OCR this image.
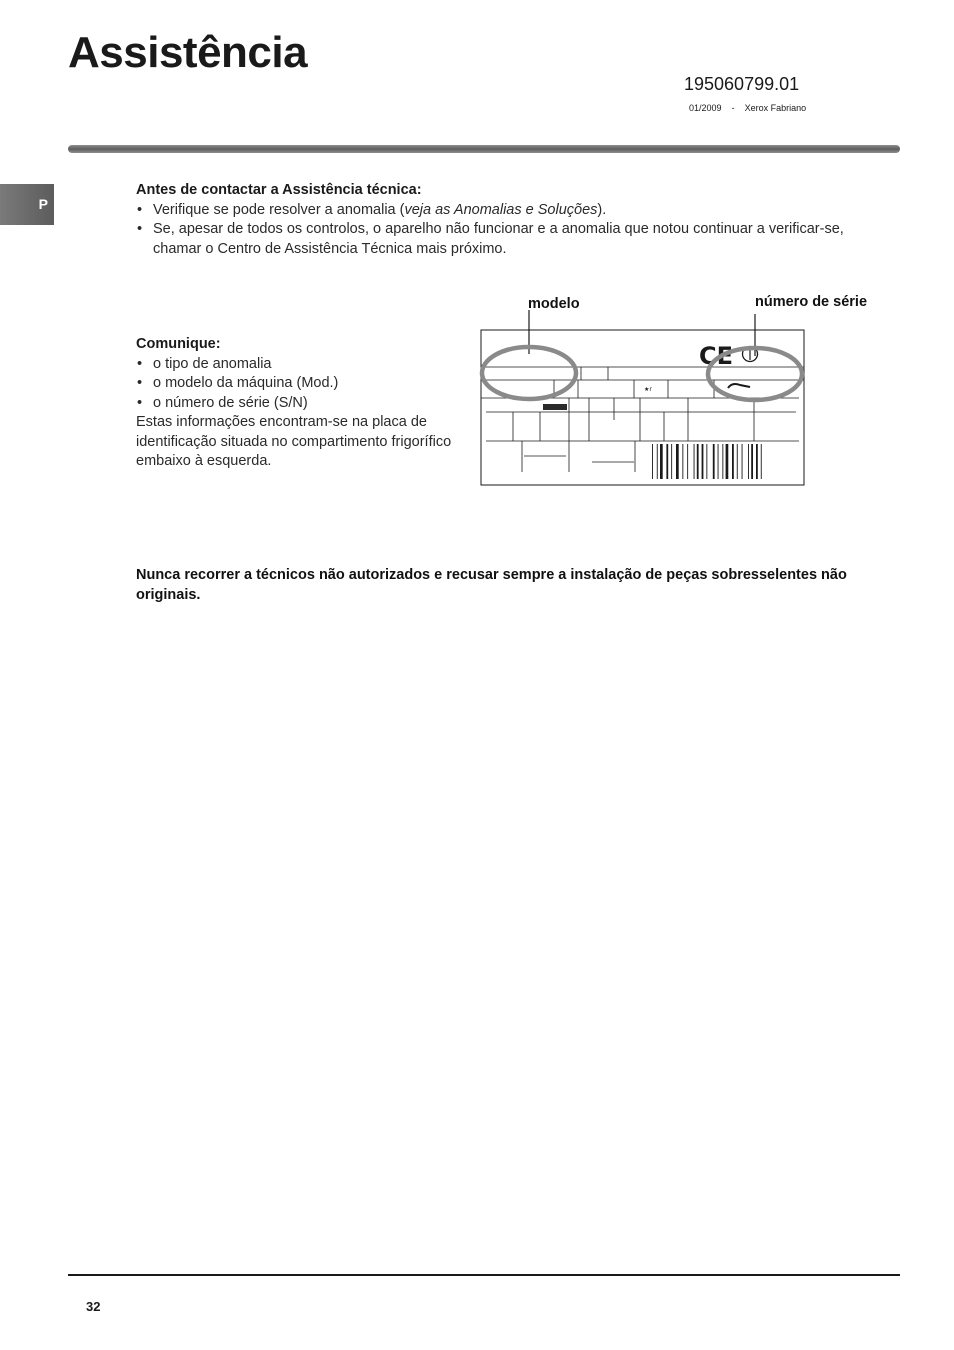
Assistência
195060799.01
01/2009 - Xerox Fabriano
P
Antes de contactar a Assistência técnica:
• Verifique se pode resolver a anomalia (veja as Anomalias e Soluções).
• Se, apesar de todos os controlos, o aparelho não funcionar e a anomalia que notou continuar a verificar-se, chamar o Centro de Assistência Técnica mais próximo.
Comunique:
• o tipo de anomalia
• o modelo da máquina (Mod.)
• o número de série (S/N)
Estas informações encontram-se na placa de identificação situada no compartimento frigorífico embaixo à esquerda.
modelo	número de série
CE
★r
Nunca recorrer a técnicos não autorizados e recusar sempre a instalação de peças sobresselentes não originais.
32
